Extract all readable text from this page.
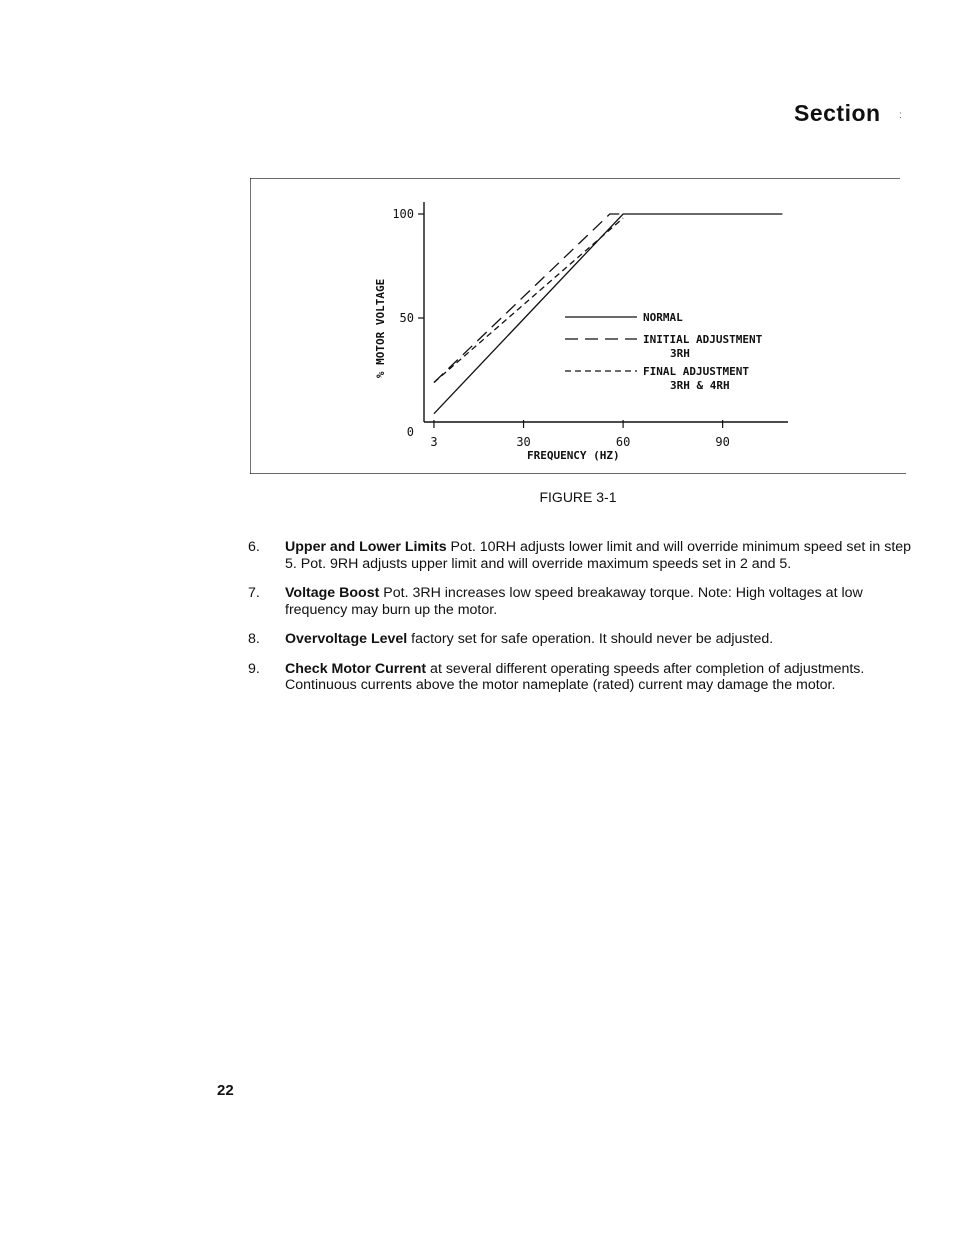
Section :
3	30	60	90
0
50
100
FREQUENCY (HZ)
% MOTOR VOLTAGE	NORMAL
INITIAL ADJUSTMENT
3RH
FINAL ADJUSTMENT
3RH & 4RH
FIGURE 3-1
6.	Upper and Lower Limits Pot. 10RH adjusts lower limit and will override minimum speed set in step 5. Pot. 9RH adjusts upper limit and will override maximum speeds set in 2 and 5.
7.	Voltage Boost Pot. 3RH increases low speed breakaway torque. Note: High voltages at low frequency may burn up the motor.
8.	Overvoltage Level factory set for safe operation. It should never be adjusted.
9.	Check Motor Current at several different operating speeds after completion of adjustments. Continuous currents above the motor nameplate (rated) current may damage the motor.
22
